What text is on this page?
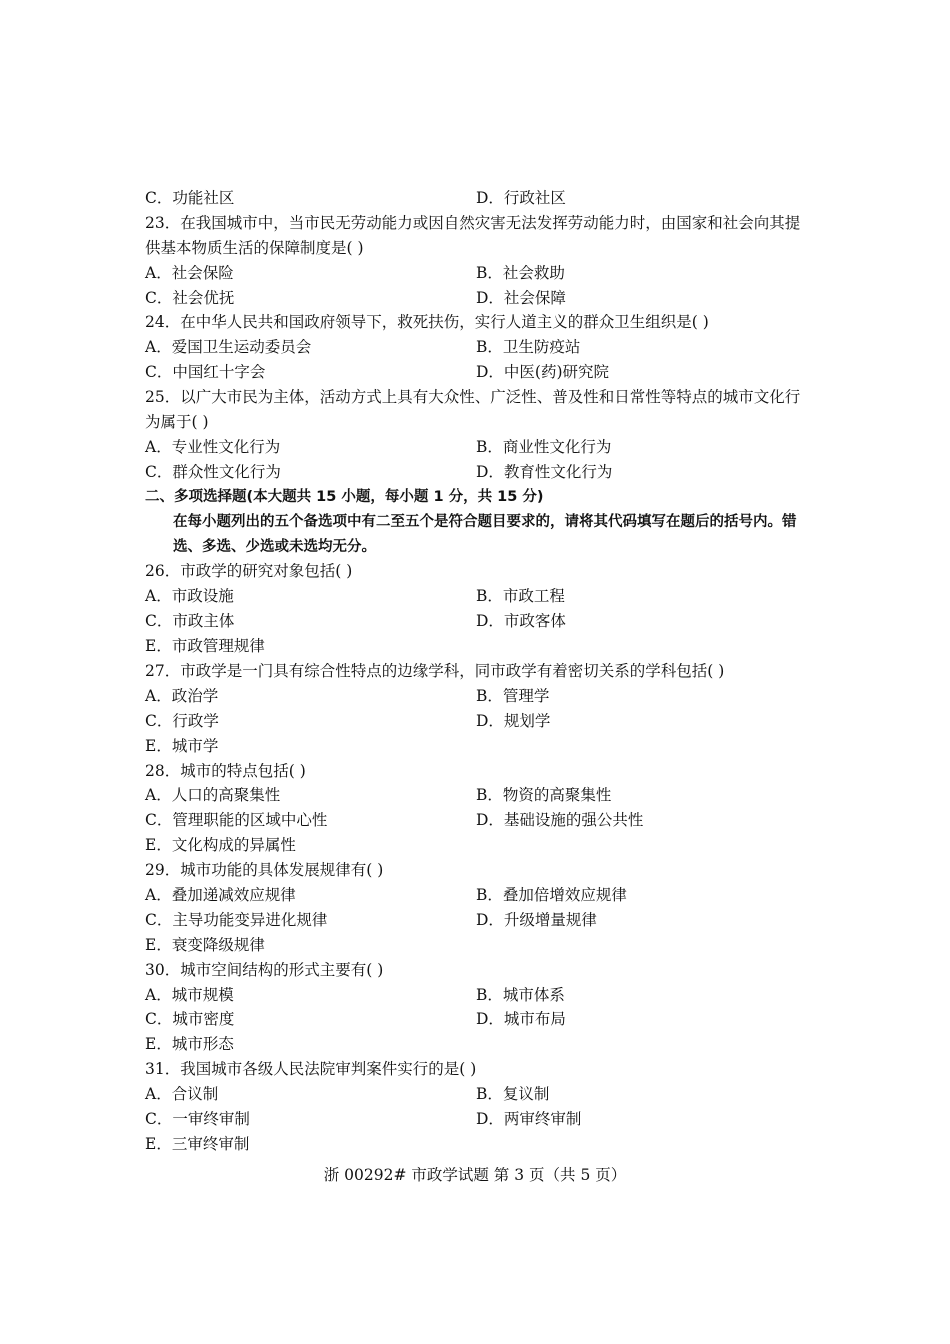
C．功能社区	D．行政社区
23．在我国城市中，当市民无劳动能力或因自然灾害无法发挥劳动能力时，由国家和社会向其提供基本物质生活的保障制度是( )
A．社会保险	B．社会救助
C．社会优抚	D．社会保障
24．在中华人民共和国政府领导下，救死扶伤，实行人道主义的群众卫生组织是( )
A．爱国卫生运动委员会	B．卫生防疫站
C．中国红十字会	D．中医(药)研究院
25．以广大市民为主体，活动方式上具有大众性、广泛性、普及性和日常性等特点的城市文化行为属于( )
A．专业性文化行为	B．商业性文化行为
C．群众性文化行为	D．教育性文化行为
二、多项选择题(本大题共 15 小题，每小题 1 分，共 15 分)
在每小题列出的五个备选项中有二至五个是符合题目要求的，请将其代码填写在题后的括号内。错选、多选、少选或未选均无分。
26．市政学的研究对象包括( )
A．市政设施	B．市政工程
C．市政主体	D．市政客体
E．市政管理规律
27．市政学是一门具有综合性特点的边缘学科，同市政学有着密切关系的学科包括( )
A．政治学	B．管理学
C．行政学	D．规划学
E．城市学
28．城市的特点包括( )
A．人口的高聚集性	B．物资的高聚集性
C．管理职能的区域中心性	D．基础设施的强公共性
E．文化构成的异属性
29．城市功能的具体发展规律有( )
A．叠加递减效应规律	B．叠加倍增效应规律
C．主导功能变异进化规律	D．升级增量规律
E．衰变降级规律
30．城市空间结构的形式主要有( )
A．城市规模	B．城市体系
C．城市密度	D．城市布局
E．城市形态
31．我国城市各级人民法院审判案件实行的是( )
A．合议制	B．复议制
C．一审终审制	D．两审终审制
E．三审终审制
浙 00292# 市政学试题 第 3 页（共 5 页）
